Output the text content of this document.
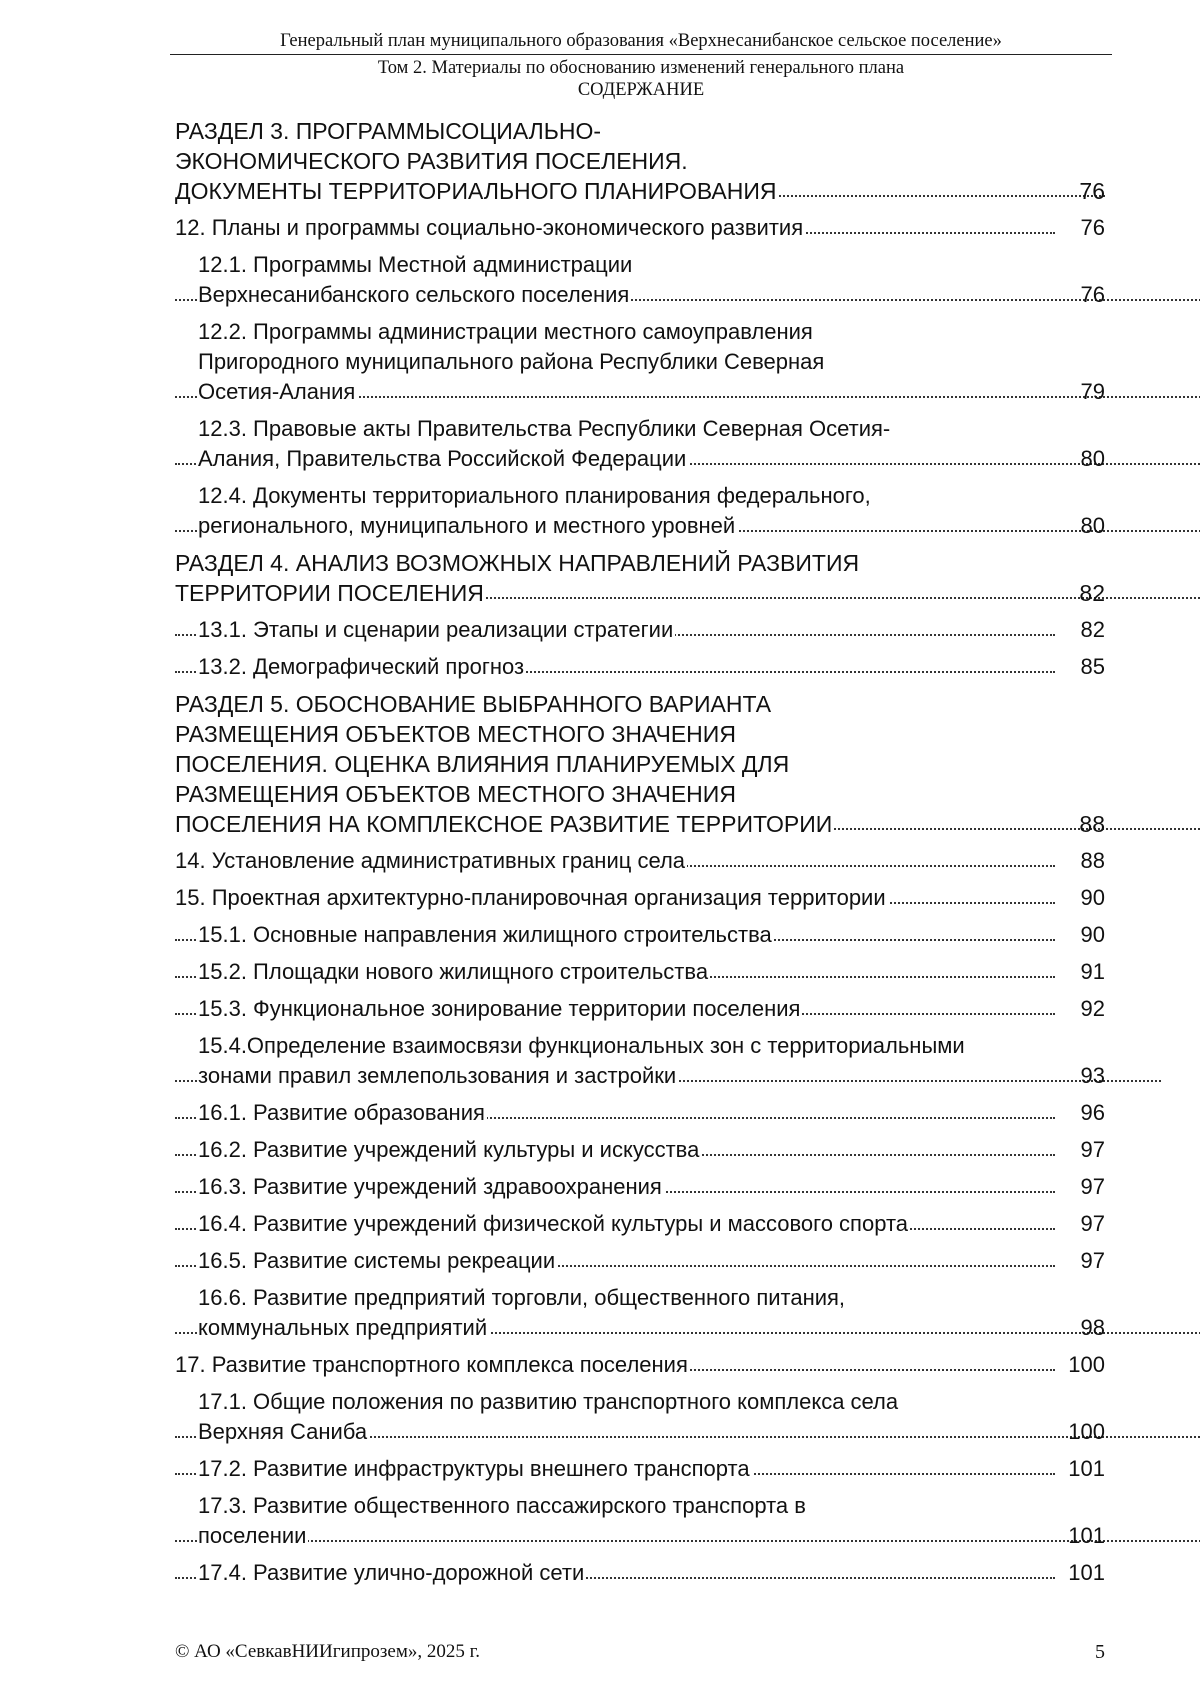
Генеральный план муниципального образования «Верхнесанибанское сельское поселение»
Том 2. Материалы по обоснованию изменений генерального плана
СОДЕРЖАНИЕ
РАЗДЕЛ 3. ПРОГРАММЫСОЦИАЛЬНО-ЭКОНОМИЧЕСКОГО РАЗВИТИЯ ПОСЕЛЕНИЯ. ДОКУМЕНТЫ ТЕРРИТОРИАЛЬНОГО ПЛАНИРОВАНИЯ	76
12. Планы и программы социально-экономического развития	76
12.1. Программы Местной администрации Верхнесанибанского сельского поселения	76
12.2. Программы администрации местного самоуправления Пригородного муниципального района Республики Северная Осетия-Алания	79
12.3. Правовые акты Правительства Республики Северная Осетия-Алания, Правительства Российской Федерации	80
12.4. Документы территориального планирования федерального, регионального, муниципального и местного уровней	80
РАЗДЕЛ 4. АНАЛИЗ ВОЗМОЖНЫХ НАПРАВЛЕНИЙ РАЗВИТИЯ ТЕРРИТОРИИ ПОСЕЛЕНИЯ	82
13.1. Этапы и сценарии реализации стратегии	82
13.2. Демографический прогноз	85
РАЗДЕЛ 5. ОБОСНОВАНИЕ ВЫБРАННОГО ВАРИАНТА РАЗМЕЩЕНИЯ ОБЪЕКТОВ МЕСТНОГО ЗНАЧЕНИЯ ПОСЕЛЕНИЯ. ОЦЕНКА ВЛИЯНИЯ ПЛАНИРУЕМЫХ ДЛЯ РАЗМЕЩЕНИЯ ОБЪЕКТОВ МЕСТНОГО ЗНАЧЕНИЯ ПОСЕЛЕНИЯ НА КОМПЛЕКСНОЕ РАЗВИТИЕ ТЕРРИТОРИИ	88
14. Установление административных границ села	88
15. Проектная архитектурно-планировочная организация территории	90
15.1. Основные направления жилищного строительства	90
15.2. Площадки нового жилищного строительства	91
15.3. Функциональное зонирование территории поселения	92
15.4.Определение взаимосвязи функциональных зон с территориальными зонами правил землепользования и застройки	93
16.1. Развитие образования	96
16.2. Развитие учреждений культуры и искусства	97
16.3. Развитие учреждений здравоохранения	97
16.4. Развитие учреждений физической культуры и массового спорта	97
16.5. Развитие системы рекреации	97
16.6. Развитие предприятий торговли, общественного питания, коммунальных предприятий	98
17. Развитие транспортного комплекса поселения	100
17.1. Общие положения по развитию транспортного комплекса села Верхняя Саниба	100
17.2. Развитие инфраструктуры внешнего транспорта	101
17.3. Развитие общественного пассажирского транспорта в поселении	101
17.4. Развитие улично-дорожной сети	101
© АО «СевкавНИИгипрозем», 2025 г.	5
